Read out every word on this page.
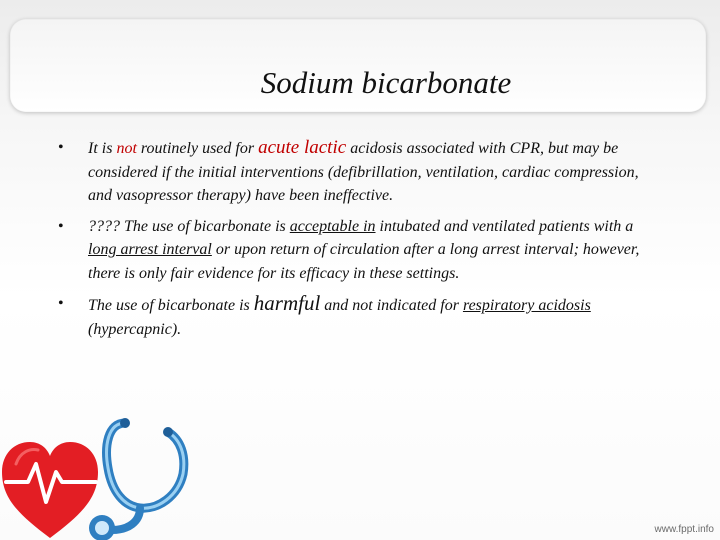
Sodium bicarbonate
• It is not routinely used for acute lactic acidosis associated with CPR, but may be considered if the initial interventions (defibrillation, ventilation, cardiac compression, and vasopressor therapy) have been ineffective.
• ???? The use of bicarbonate is acceptable in intubated and ventilated patients with a long arrest interval or upon return of circulation after a long arrest interval; however, there is only fair evidence for its efficacy in these settings.
• The use of bicarbonate is harmful and not indicated for respiratory acidosis (hypercapnic).
www.fppt.info
